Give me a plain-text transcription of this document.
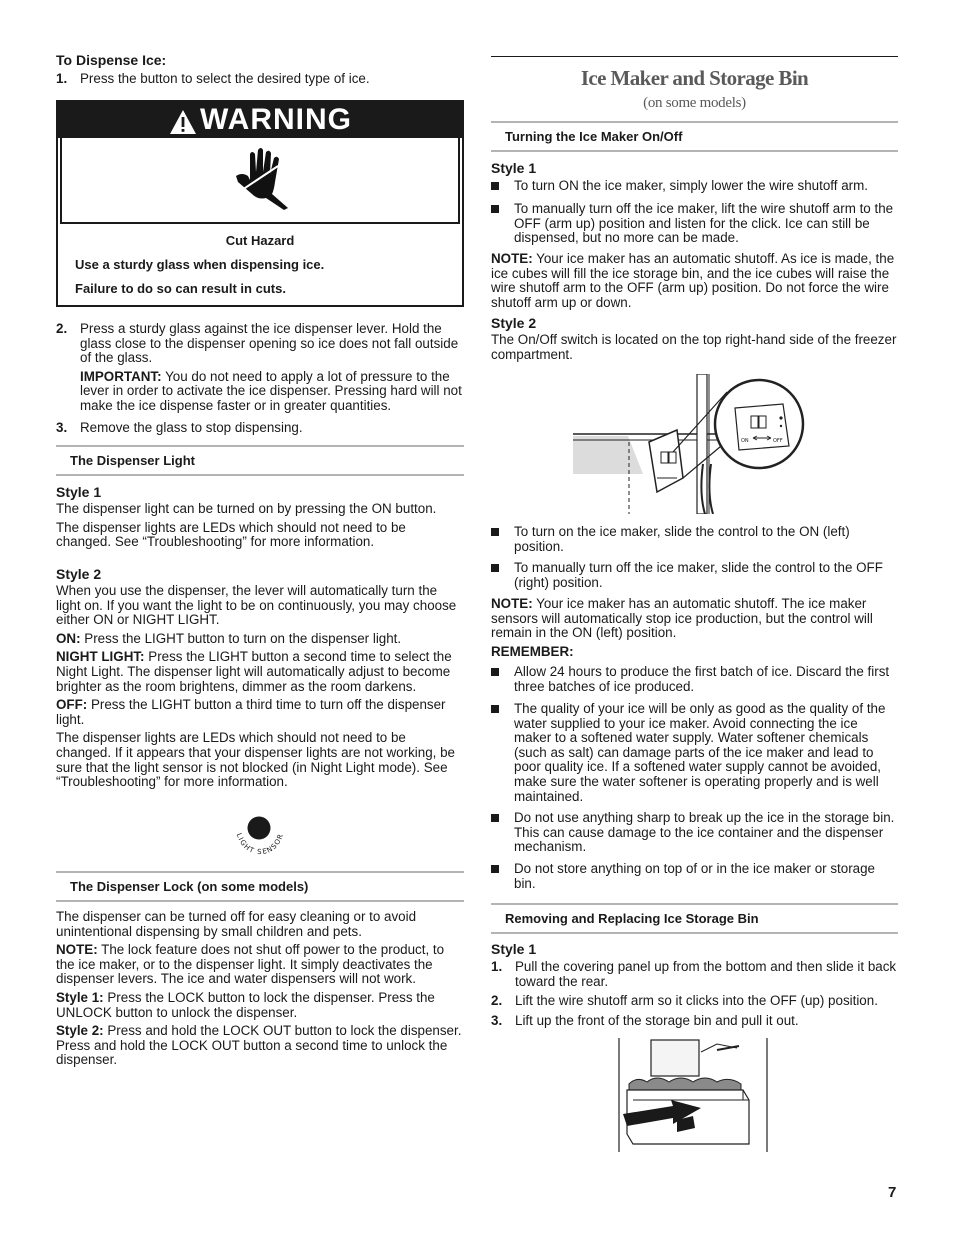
To Dispense Ice:
1. Press the button to select the desired type of ice.

WARNING
Cut Hazard
Use a sturdy glass when dispensing ice.
Failure to do so can result in cuts.
2. Press a sturdy glass against the ice dispenser lever. Hold the glass close to the dispenser opening so ice does not fall outside of the glass.

IMPORTANT: You do not need to apply a lot of pressure to the lever in order to activate the ice dispenser. Pressing hard will not make the ice dispense faster or in greater quantities.

3. Remove the glass to stop dispensing.

The Dispenser Light
Style 1

The dispenser light can be turned on by pressing the ON button.

The dispenser lights are LEDs which should not need to be changed. See “Troubleshooting” for more information.

Style 2

When you use the dispenser, the lever will automatically turn the light on. If you want the light to be on continuously, you may choose either ON or NIGHT LIGHT.

ON: Press the LIGHT button to turn on the dispenser light.

NIGHT LIGHT: Press the LIGHT button a second time to select the Night Light. The dispenser light will automatically adjust to become brighter as the room brightens, dimmer as the room darkens.

OFF: Press the LIGHT button a third time to turn off the dispenser light.

The dispenser lights are LEDs which should not need to be changed. If it appears that your dispenser lights are not working, be sure that the light sensor is not blocked (in Night Light mode). See “Troubleshooting” for more information.

LIGHT SENSOR
The Dispenser Lock (on some models)

The dispenser can be turned off for easy cleaning or to avoid unintentional dispensing by small children and pets.

NOTE: The lock feature does not shut off power to the product, to the ice maker, or to the dispenser light. It simply deactivates the dispenser levers. The ice and water dispensers will not work.

Style 1: Press the LOCK button to lock the dispenser. Press the UNLOCK button to unlock the dispenser.

Style 2: Press and hold the LOCK OUT button to lock the dispenser. Press and hold the LOCK OUT button a second time to unlock the dispenser.

Ice Maker and Storage Bin
(on some models)
Turning the Ice Maker On/Off
Style 1

To turn ON the ice maker, simply lower the wire shutoff arm.

To manually turn off the ice maker, lift the wire shutoff arm to the OFF (arm up) position and listen for the click. Ice can still be dispensed, but no more can be made.

NOTE: Your ice maker has an automatic shutoff. As ice is made, the ice cubes will fill the ice storage bin, and the ice cubes will raise the wire shutoff arm to the OFF (arm up) position. Do not force the wire shutoff arm up or down.

Style 2
The On/Off switch is located on the top right-hand side of the freezer compartment.
ON	OFF

To turn on the ice maker, slide the control to the ON (left) position.

To manually turn off the ice maker, slide the control to the OFF (right) position.

NOTE: Your ice maker has an automatic shutoff. The ice maker sensors will automatically stop ice production, but the control will remain in the ON (left) position.

REMEMBER:

Allow 24 hours to produce the first batch of ice. Discard the first three batches of ice produced.

The quality of your ice will be only as good as the quality of the water supplied to your ice maker. Avoid connecting the ice maker to a softened water supply. Water softener chemicals (such as salt) can damage parts of the ice maker and lead to poor quality ice. If a softened water supply cannot be avoided, make sure the water softener is operating properly and is well maintained.

Do not use anything sharp to break up the ice in the storage bin. This can cause damage to the ice container and the dispenser mechanism.

Do not store anything on top of or in the ice maker or storage bin.

Removing and Replacing Ice Storage Bin
Style 1
1. Pull the covering panel up from the bottom and then slide it back toward the rear.

2. Lift the wire shutoff arm so it clicks into the OFF (up) position.

3. Lift up the front of the storage bin and pull it out.

7
